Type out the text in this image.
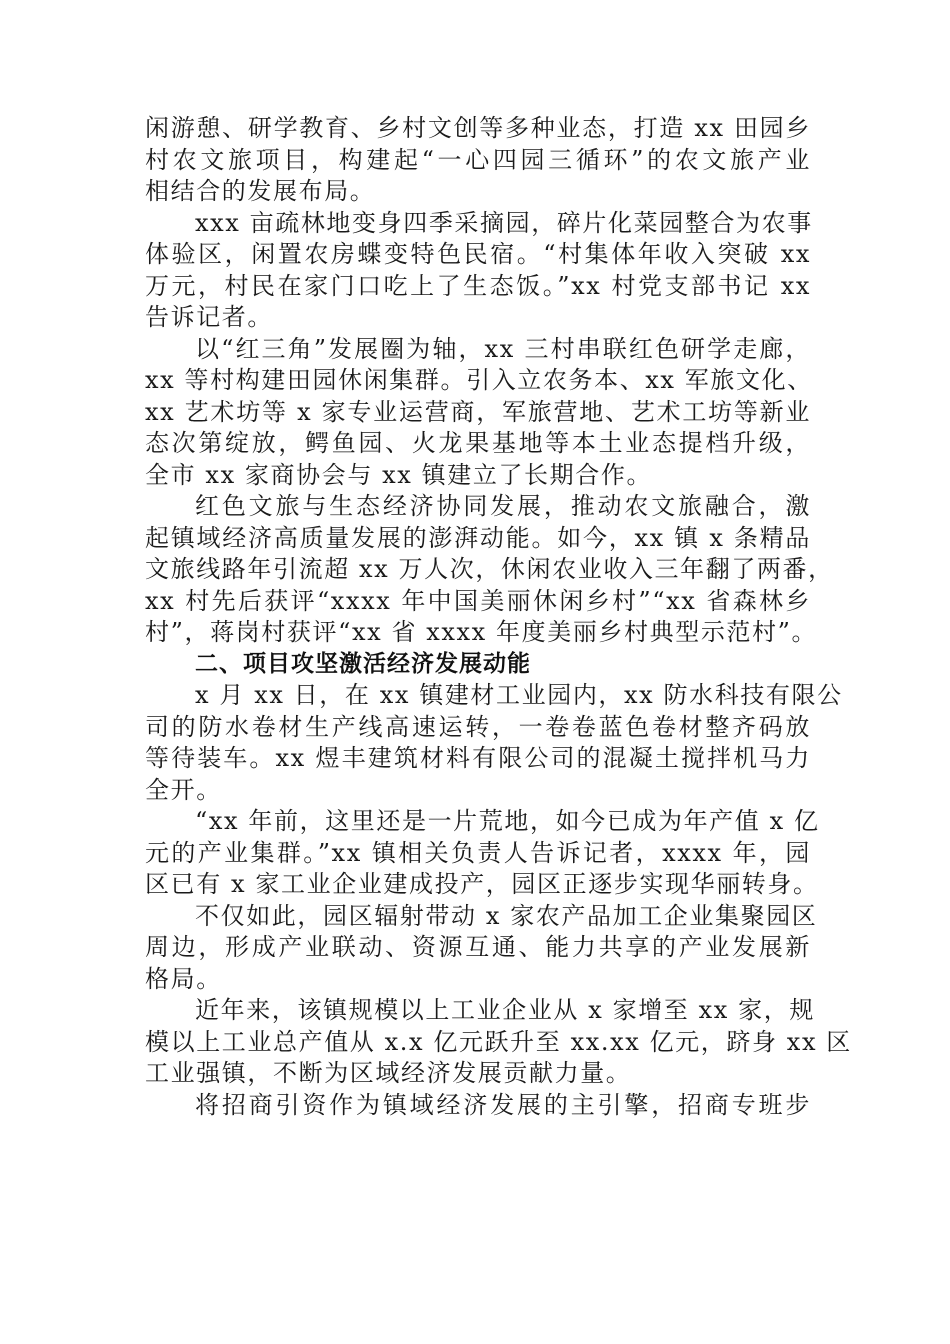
闲游憩、研学教育、乡村文创等多种业态，打造 xx 田园乡
村农文旅项目，构建起“一心四园三循环”的农文旅产业
相结合的发展布局。
xxx 亩疏林地变身四季采摘园，碎片化菜园整合为农事
体验区，闲置农房蝶变特色民宿。“村集体年收入突破 xx
万元，村民在家门口吃上了生态饭。”xx 村党支部书记 xx
告诉记者。
以“红三角”发展圈为轴，xx 三村串联红色研学走廊，
xx 等村构建田园休闲集群。引入立农务本、xx 军旅文化、
xx 艺术坊等 x 家专业运营商，军旅营地、艺术工坊等新业
态次第绽放，鳄鱼园、火龙果基地等本土业态提档升级，
全市 xx 家商协会与 xx 镇建立了长期合作。
红色文旅与生态经济协同发展，推动农文旅融合，激
起镇域经济高质量发展的澎湃动能。如今，xx 镇 x 条精品
文旅线路年引流超 xx 万人次，休闲农业收入三年翻了两番，
xx 村先后获评“xxxx 年中国美丽休闲乡村”“xx 省森林乡
村”，蒋岗村获评“xx 省 xxxx 年度美丽乡村典型示范村”。
二、项目攻坚激活经济发展动能
x 月 xx 日，在 xx 镇建材工业园内，xx 防水科技有限公
司的防水卷材生产线高速运转，一卷卷蓝色卷材整齐码放
等待装车。xx 煜丰建筑材料有限公司的混凝土搅拌机马力
全开。
“xx 年前，这里还是一片荒地，如今已成为年产值 x 亿
元的产业集群。”xx 镇相关负责人告诉记者，xxxx 年，园
区已有 x 家工业企业建成投产，园区正逐步实现华丽转身。
不仅如此，园区辐射带动 x 家农产品加工企业集聚园区
周边，形成产业联动、资源互通、能力共享的产业发展新
格局。
近年来，该镇规模以上工业企业从 x 家增至 xx 家，规
模以上工业总产值从 x.x 亿元跃升至 xx.xx 亿元，跻身 xx 区
工业强镇，不断为区域经济发展贡献力量。
将招商引资作为镇域经济发展的主引擎，招商专班步
